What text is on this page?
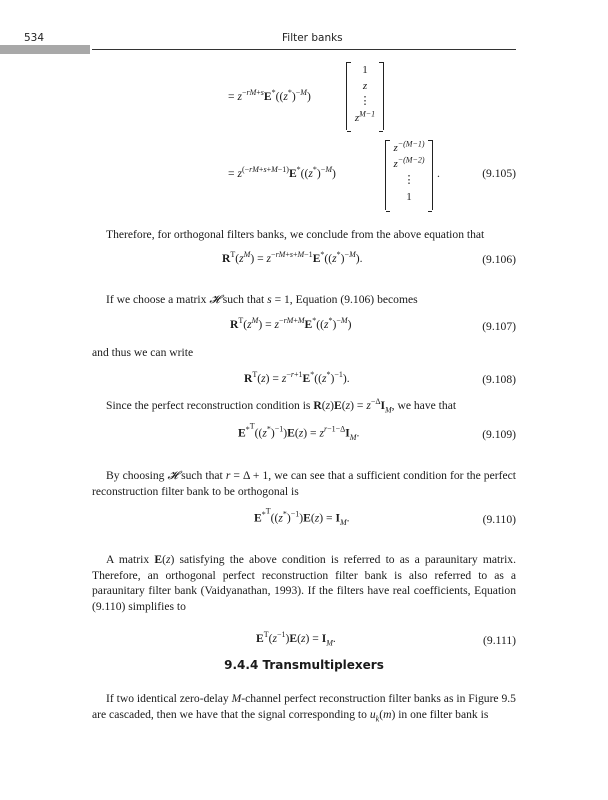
534	Filter banks
= $z^{-rM+s}E^*((z^*)^{-M})$
1
z
⋮
$z^{M-1}$
= $z^{(-rM+s+M-1)}E^*((z^*)^{-M})$
$z^{-(M-1)}$
$z^{-(M-2)}$
⋮
1
.	(9.105)
Therefore, for orthogonal filters banks, we conclude from the above equation that
$R^T(z^M) = z^{-rM+s+M-1}E^*((z^*)^{-M})$.	(9.106)
If we choose a matrix 𝓗 such that s = 1, Equation (9.106) becomes
$R^T(z^M) = z^{-rM+M}E^*((z^*)^{-M})$	(9.107)
and thus we can write
$R^T(z) = z^{-r+1}E^*((z^*)^{-1})$.	(9.108)
Since the perfect reconstruction condition is $R(z)E(z) = z^{-\Delta}I_M$, we have that
$E^{*^T}((z^*)^{-1})E(z) = z^{r-1-\Delta}I_M$.	(9.109)
By choosing 𝓗 such that r = Δ + 1, we can see that a sufficient condition for the perfect reconstruction filter bank to be orthogonal is
$E^{*^T}((z^*)^{-1})E(z) = I_M$.	(9.110)
A matrix E(z) satisfying the above condition is referred to as a paraunitary matrix. Therefore, an orthogonal perfect reconstruction filter bank is also referred to as a paraunitary filter bank (Vaidyanathan, 1993). If the filters have real coefficients, Equation (9.110) simplifies to
$E^T(z^{-1})E(z) = I_M$.	(9.111)
9.4.4 Transmultiplexers
If two identical zero-delay M-channel perfect reconstruction filter banks as in Figure 9.5 are cascaded, then we have that the signal corresponding to $u_k(m)$ in one filter bank is
